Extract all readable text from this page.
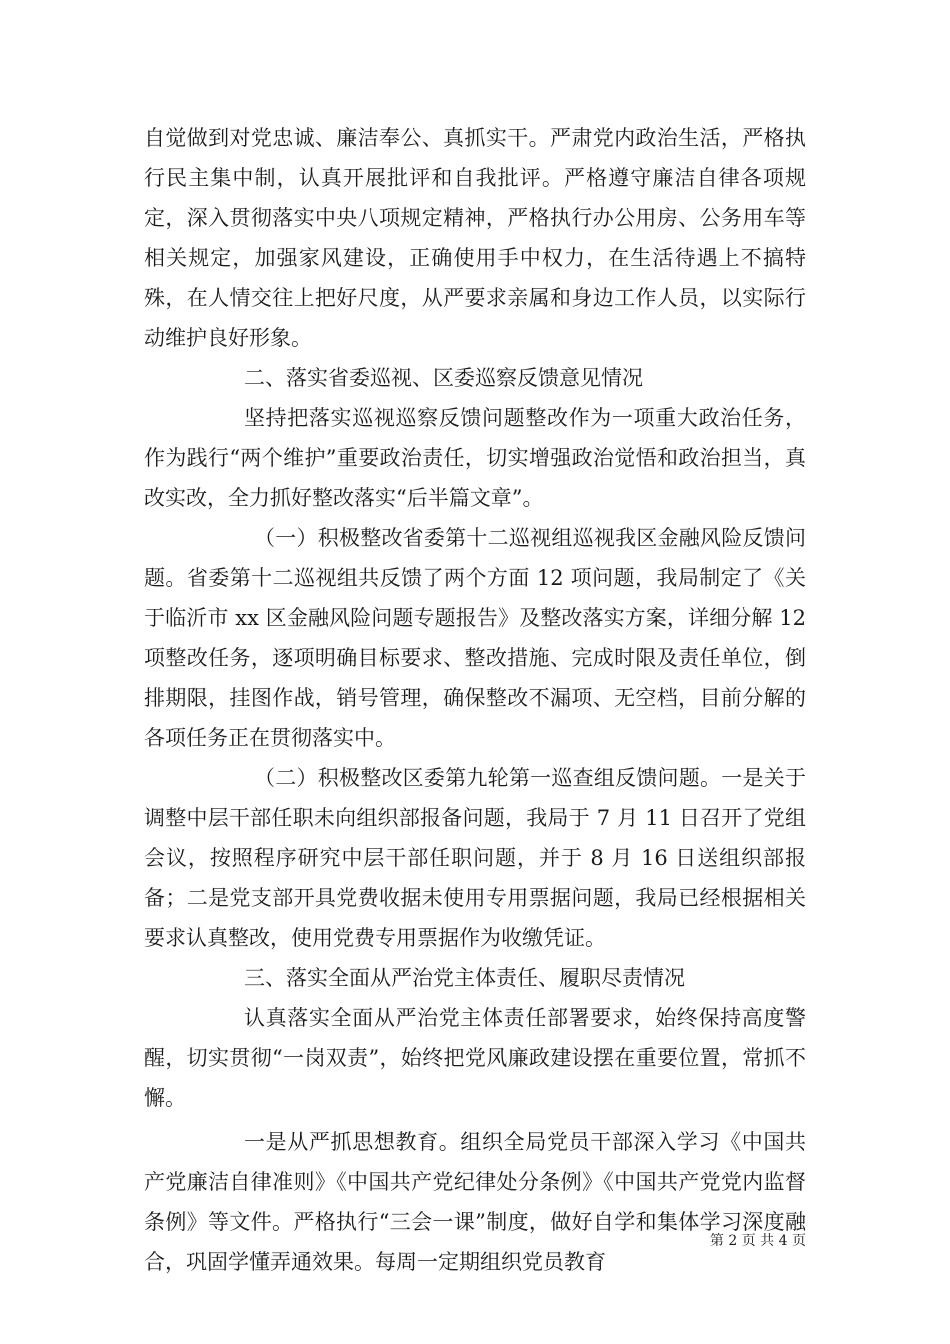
自觉做到对党忠诚、廉洁奉公、真抓实干。严肃党内政治生活，严格执行民主集中制，认真开展批评和自我批评。严格遵守廉洁自律各项规定，深入贯彻落实中央八项规定精神，严格执行办公用房、公务用车等相关规定，加强家风建设，正确使用手中权力，在生活待遇上不搞特殊，在人情交往上把好尺度，从严要求亲属和身边工作人员，以实际行动维护良好形象。

二、落实省委巡视、区委巡察反馈意见情况

坚持把落实巡视巡察反馈问题整改作为一项重大政治任务，作为践行“两个维护”重要政治责任，切实增强政治觉悟和政治担当，真改实改，全力抓好整改落实“后半篇文章”。

（一）积极整改省委第十二巡视组巡视我区金融风险反馈问题。省委第十二巡视组共反馈了两个方面 12 项问题，我局制定了《关于临沂市 xx 区金融风险问题专题报告》及整改落实方案，详细分解 12 项整改任务，逐项明确目标要求、整改措施、完成时限及责任单位，倒排期限，挂图作战，销号管理，确保整改不漏项、无空档，目前分解的各项任务正在贯彻落实中。

（二）积极整改区委第九轮第一巡查组反馈问题。一是关于调整中层干部任职未向组织部报备问题，我局于 7 月 11 日召开了党组会议，按照程序研究中层干部任职问题，并于 8 月 16 日送组织部报备；二是党支部开具党费收据未使用专用票据问题，我局已经根据相关要求认真整改，使用党费专用票据作为收缴凭证。

三、落实全面从严治党主体责任、履职尽责情况

认真落实全面从严治党主体责任部署要求，始终保持高度警醒，切实贯彻“一岗双责”，始终把党风廉政建设摆在重要位置，常抓不懈。

一是从严抓思想教育。组织全局党员干部深入学习《中国共产党廉洁自律准则》《中国共产党纪律处分条例》《中国共产党党内监督条例》等文件。严格执行“三会一课”制度，做好自学和集体学习深度融合，巩固学懂弄通效果。每周一定期组织党员教育

第 2 页 共 4 页
